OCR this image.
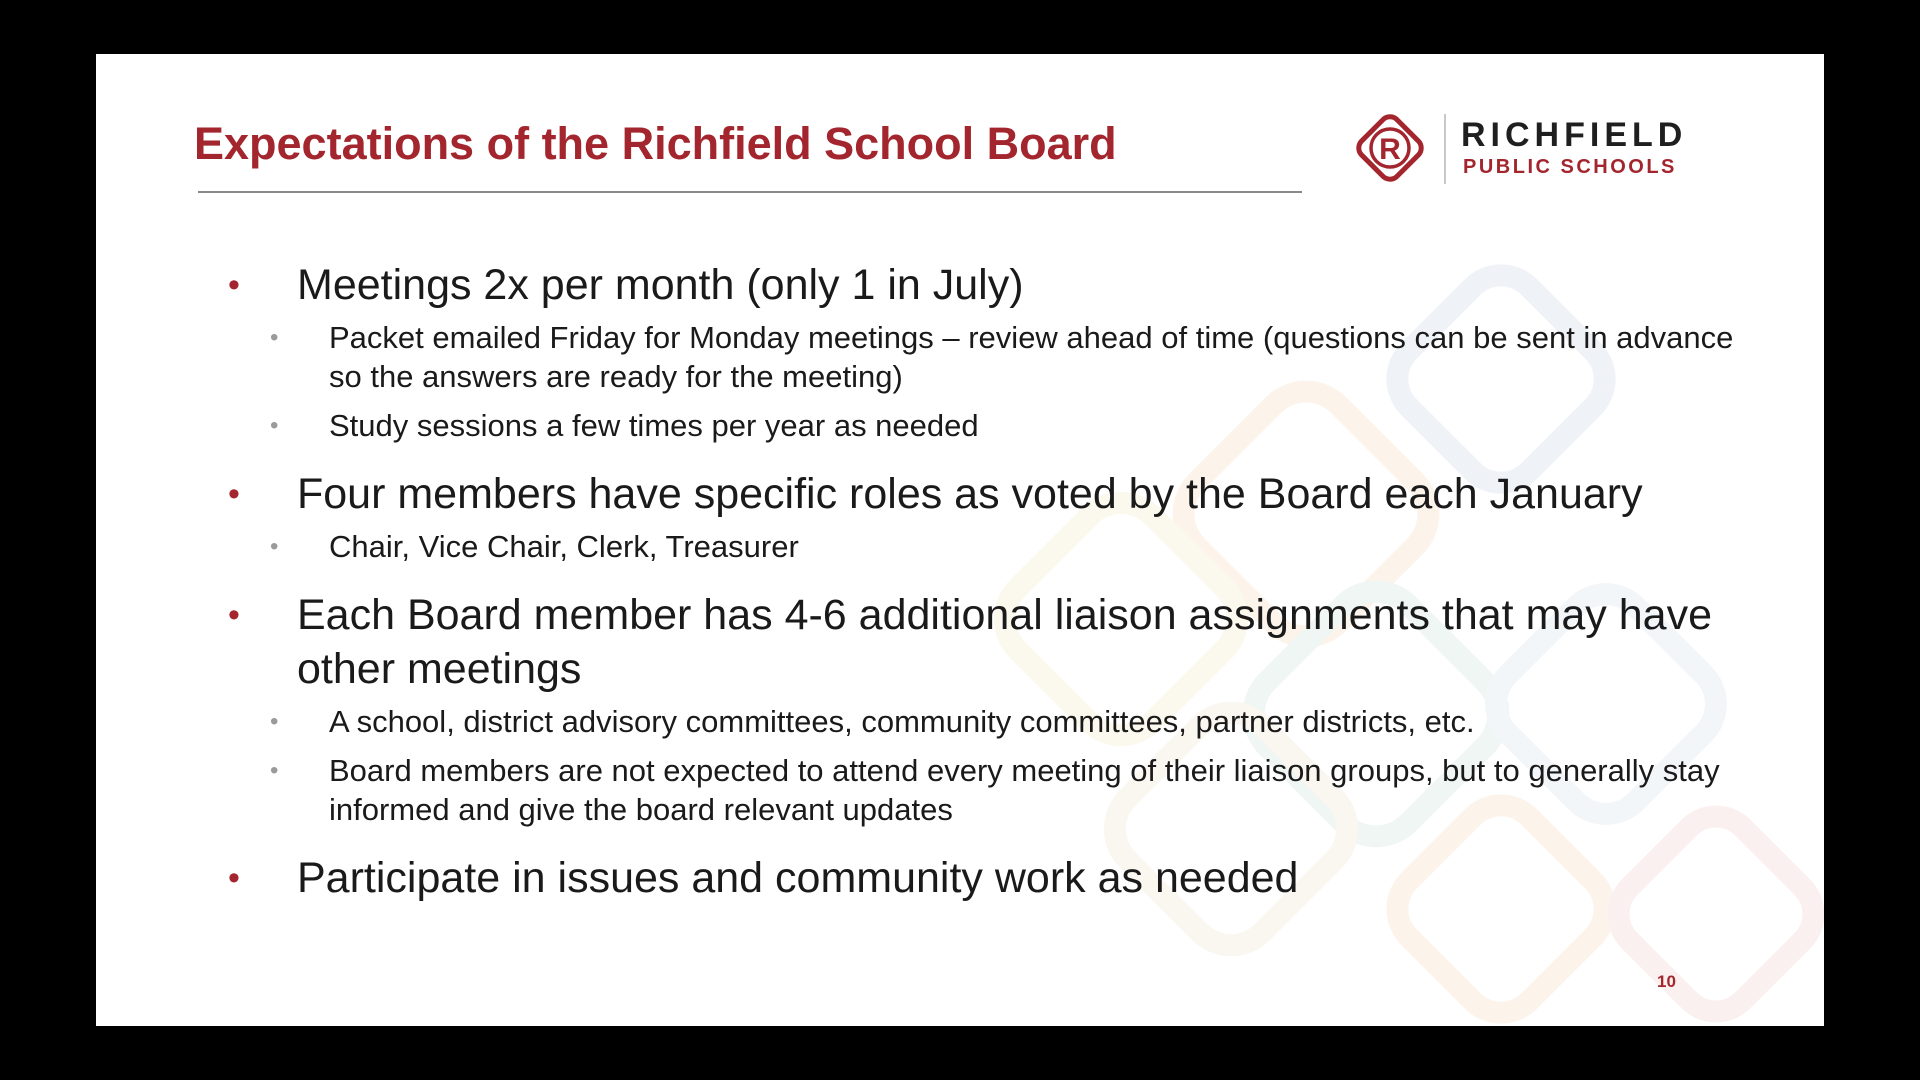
Expectations of the Richfield School Board	R RICHFIELD
PUBLIC SCHOOLS
• Meetings 2x per month (only 1 in July)
• Packet emailed Friday for Monday meetings – review ahead of time (questions can be sent in advance so the answers are ready for the meeting)
• Study sessions a few times per year as needed
• Four members have specific roles as voted by the Board each January
• Chair, Vice Chair, Clerk, Treasurer
• Each Board member has 4-6 additional liaison assignments that may have other meetings
• A school, district advisory committees, community committees, partner districts, etc.
• Board members are not expected to attend every meeting of their liaison groups, but to generally stay informed and give the board relevant updates
• Participate in issues and community work as needed
10
